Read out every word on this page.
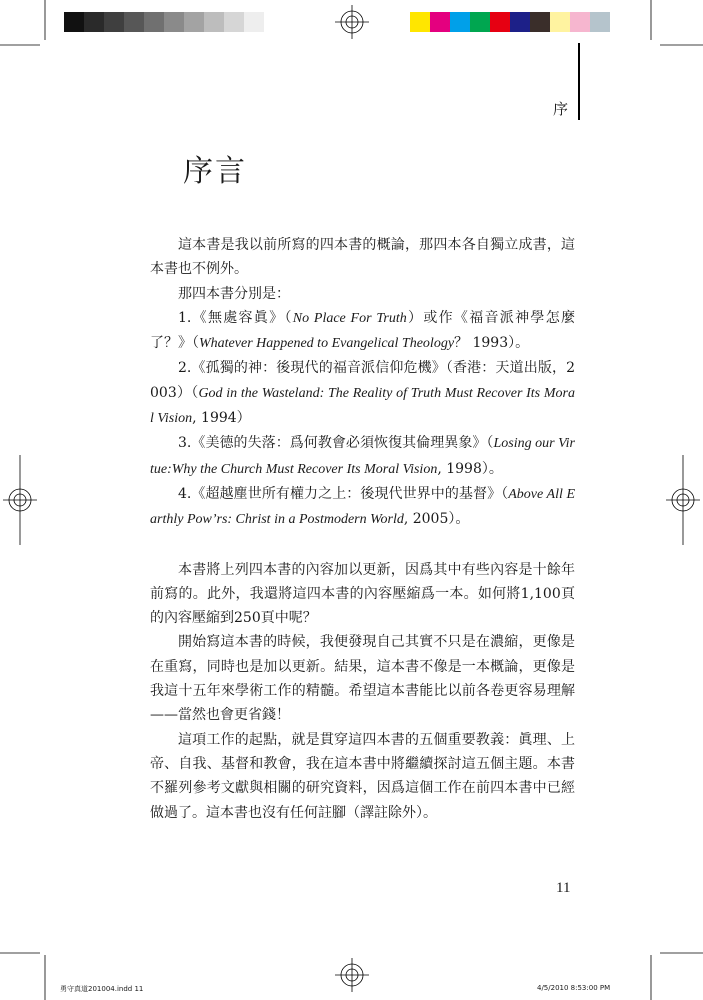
序
序言

這本書是我以前所寫的四本書的概論，那四本各自獨立成書，這本書也不例外。

那四本書分別是：

1.《無處容眞》（No Place For Truth）或作《福音派神學怎麼了？》（Whatever Happened to Evangelical Theology？ 1993）。

2.《孤獨的神：後現代的福音派信仰危機》（香港：天道出版，2003）（God in the Wasteland: The Reality of Truth Must Recover Its Moral Vision, 1994）

3.《美德的失落：爲何教會必須恢復其倫理異象》（Losing our Virtue:Why the Church Must Recover Its Moral Vision, 1998）。

4.《超越塵世所有權力之上：後現代世界中的基督》（Above All Earthly Pow’rs: Christ in a Postmodern World, 2005）。

本書將上列四本書的內容加以更新，因爲其中有些內容是十餘年前寫的。此外，我還將這四本書的內容壓縮爲一本。如何將1,100頁的內容壓縮到250頁中呢？

開始寫這本書的時候，我便發現自己其實不只是在濃縮，更像是在重寫，同時也是加以更新。結果，這本書不像是一本概論，更像是我這十五年來學術工作的精髓。希望這本書能比以前各卷更容易理解——當然也會更省錢！

這項工作的起點，就是貫穿這四本書的五個重要教義：眞理、上帝、自我、基督和教會，我在這本書中將繼續探討這五個主題。本書不羅列參考文獻與相關的研究資料，因爲這個工作在前四本書中已經做過了。這本書也沒有任何註腳（譯註除外）。

11
勇守真道201004.indd 11	4/5/2010 8:53:00 PM
